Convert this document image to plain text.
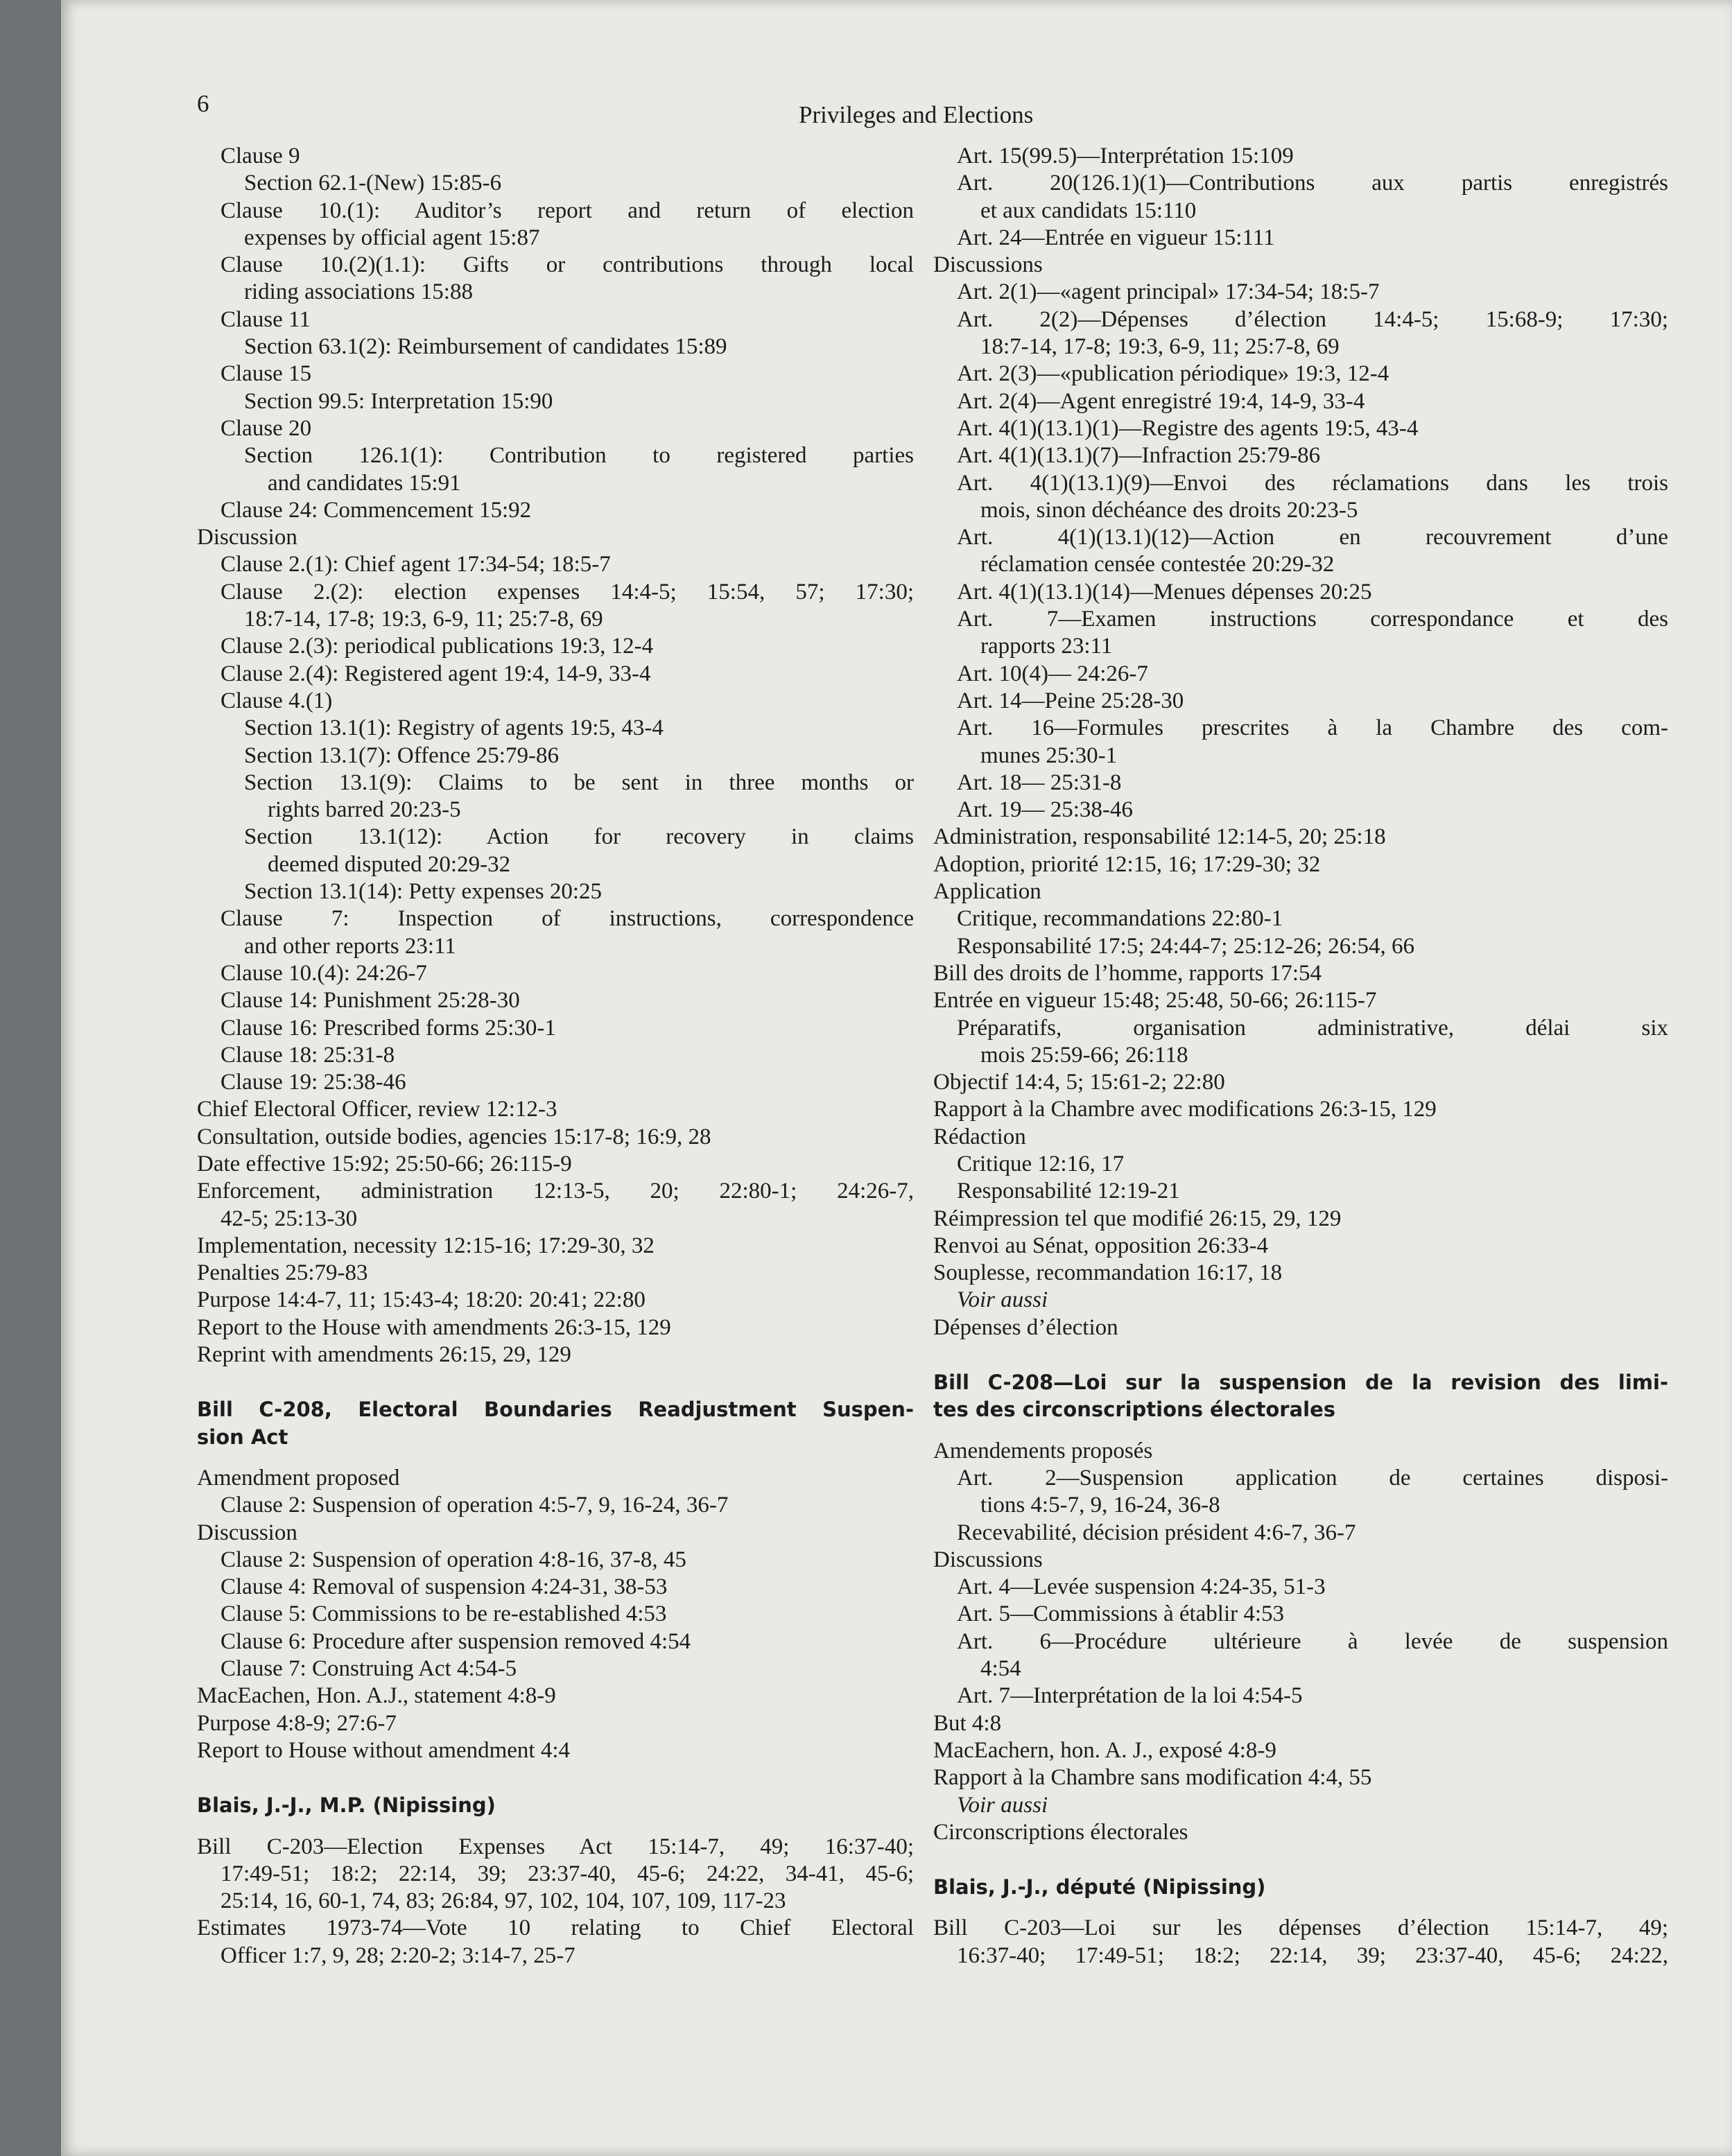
6	Privileges and Elections
Clause 9
Section 62.1-(New) 15:85-6
Clause 10.(1): Auditor’s report and return of election
expenses by official agent 15:87
Clause 10.(2)(1.1): Gifts or contributions through local
riding associations 15:88
Clause 11
Section 63.1(2): Reimbursement of candidates 15:89
Clause 15
Section 99.5: Interpretation 15:90
Clause 20
Section 126.1(1): Contribution to registered parties
and candidates 15:91
Clause 24: Commencement 15:92
Discussion
Clause 2.(1): Chief agent 17:34-54; 18:5-7
Clause 2.(2): election expenses 14:4-5; 15:54, 57; 17:30;
18:7-14, 17-8; 19:3, 6-9, 11; 25:7-8, 69
Clause 2.(3): periodical publications 19:3, 12-4
Clause 2.(4): Registered agent 19:4, 14-9, 33-4
Clause 4.(1)
Section 13.1(1): Registry of agents 19:5, 43-4
Section 13.1(7): Offence 25:79-86
Section 13.1(9): Claims to be sent in three months or
rights barred 20:23-5
Section 13.1(12): Action for recovery in claims
deemed disputed 20:29-32
Section 13.1(14): Petty expenses 20:25
Clause 7: Inspection of instructions, correspondence
and other reports 23:11
Clause 10.(4): 24:26-7
Clause 14: Punishment 25:28-30
Clause 16: Prescribed forms 25:30-1
Clause 18: 25:31-8
Clause 19: 25:38-46
Chief Electoral Officer, review 12:12-3
Consultation, outside bodies, agencies 15:17-8; 16:9, 28
Date effective 15:92; 25:50-66; 26:115-9
Enforcement, administration 12:13-5, 20; 22:80-1; 24:26-7,
42-5; 25:13-30
Implementation, necessity 12:15-16; 17:29-30, 32
Penalties 25:79-83
Purpose 14:4-7, 11; 15:43-4; 18:20: 20:41; 22:80
Report to the House with amendments 26:3-15, 129
Reprint with amendments 26:15, 29, 129
Bill C-208, Electoral Boundaries Readjustment Suspen-
sion Act
Amendment proposed
Clause 2: Suspension of operation 4:5-7, 9, 16-24, 36-7
Discussion
Clause 2: Suspension of operation 4:8-16, 37-8, 45
Clause 4: Removal of suspension 4:24-31, 38-53
Clause 5: Commissions to be re-established 4:53
Clause 6: Procedure after suspension removed 4:54
Clause 7: Construing Act 4:54-5
MacEachen, Hon. A.J., statement 4:8-9
Purpose 4:8-9; 27:6-7
Report to House without amendment 4:4
Blais, J.-J., M.P. (Nipissing)
Bill C-203—Election Expenses Act 15:14-7, 49; 16:37-40;
17:49-51; 18:2; 22:14, 39; 23:37-40, 45-6; 24:22, 34-41, 45-6;
25:14, 16, 60-1, 74, 83; 26:84, 97, 102, 104, 107, 109, 117-23
Estimates 1973-74—Vote 10 relating to Chief Electoral
Officer 1:7, 9, 28; 2:20-2; 3:14-7, 25-7
Art. 15(99.5)—Interprétation 15:109
Art. 20(126.1)(1)—Contributions aux partis enregistrés
et aux candidats 15:110
Art. 24—Entrée en vigueur 15:111
Discussions
Art. 2(1)—«agent principal» 17:34-54; 18:5-7
Art. 2(2)—Dépenses d’élection 14:4-5; 15:68-9; 17:30;
18:7-14, 17-8; 19:3, 6-9, 11; 25:7-8, 69
Art. 2(3)—«publication périodique» 19:3, 12-4
Art. 2(4)—Agent enregistré 19:4, 14-9, 33-4
Art. 4(1)(13.1)(1)—Registre des agents 19:5, 43-4
Art. 4(1)(13.1)(7)—Infraction 25:79-86
Art. 4(1)(13.1)(9)—Envoi des réclamations dans les trois
mois, sinon déchéance des droits 20:23-5
Art. 4(1)(13.1)(12)—Action en recouvrement d’une
réclamation censée contestée 20:29-32
Art. 4(1)(13.1)(14)—Menues dépenses 20:25
Art. 7—Examen instructions correspondance et des
rapports 23:11
Art. 10(4)— 24:26-7
Art. 14—Peine 25:28-30
Art. 16—Formules prescrites à la Chambre des com-
munes 25:30-1
Art. 18— 25:31-8
Art. 19— 25:38-46
Administration, responsabilité 12:14-5, 20; 25:18
Adoption, priorité 12:15, 16; 17:29-30; 32
Application
Critique, recommandations 22:80-1
Responsabilité 17:5; 24:44-7; 25:12-26; 26:54, 66
Bill des droits de l’homme, rapports 17:54
Entrée en vigueur 15:48; 25:48, 50-66; 26:115-7
Préparatifs, organisation administrative, délai six
mois 25:59-66; 26:118
Objectif 14:4, 5; 15:61-2; 22:80
Rapport à la Chambre avec modifications 26:3-15, 129
Rédaction
Critique 12:16, 17
Responsabilité 12:19-21
Réimpression tel que modifié 26:15, 29, 129
Renvoi au Sénat, opposition 26:33-4
Souplesse, recommandation 16:17, 18
Voir aussi
Dépenses d’élection
Bill C-208—Loi sur la suspension de la revision des limi-
tes des circonscriptions électorales
Amendements proposés
Art. 2—Suspension application de certaines disposi-
tions 4:5-7, 9, 16-24, 36-8
Recevabilité, décision président 4:6-7, 36-7
Discussions
Art. 4—Levée suspension 4:24-35, 51-3
Art. 5—Commissions à établir 4:53
Art. 6—Procédure ultérieure à levée de suspension
4:54
Art. 7—Interprétation de la loi 4:54-5
But 4:8
MacEachern, hon. A. J., exposé 4:8-9
Rapport à la Chambre sans modification 4:4, 55
Voir aussi
Circonscriptions électorales
Blais, J.-J., député (Nipissing)
Bill C-203—Loi sur les dépenses d’élection 15:14-7, 49;
16:37-40; 17:49-51; 18:2; 22:14, 39; 23:37-40, 45-6; 24:22,
